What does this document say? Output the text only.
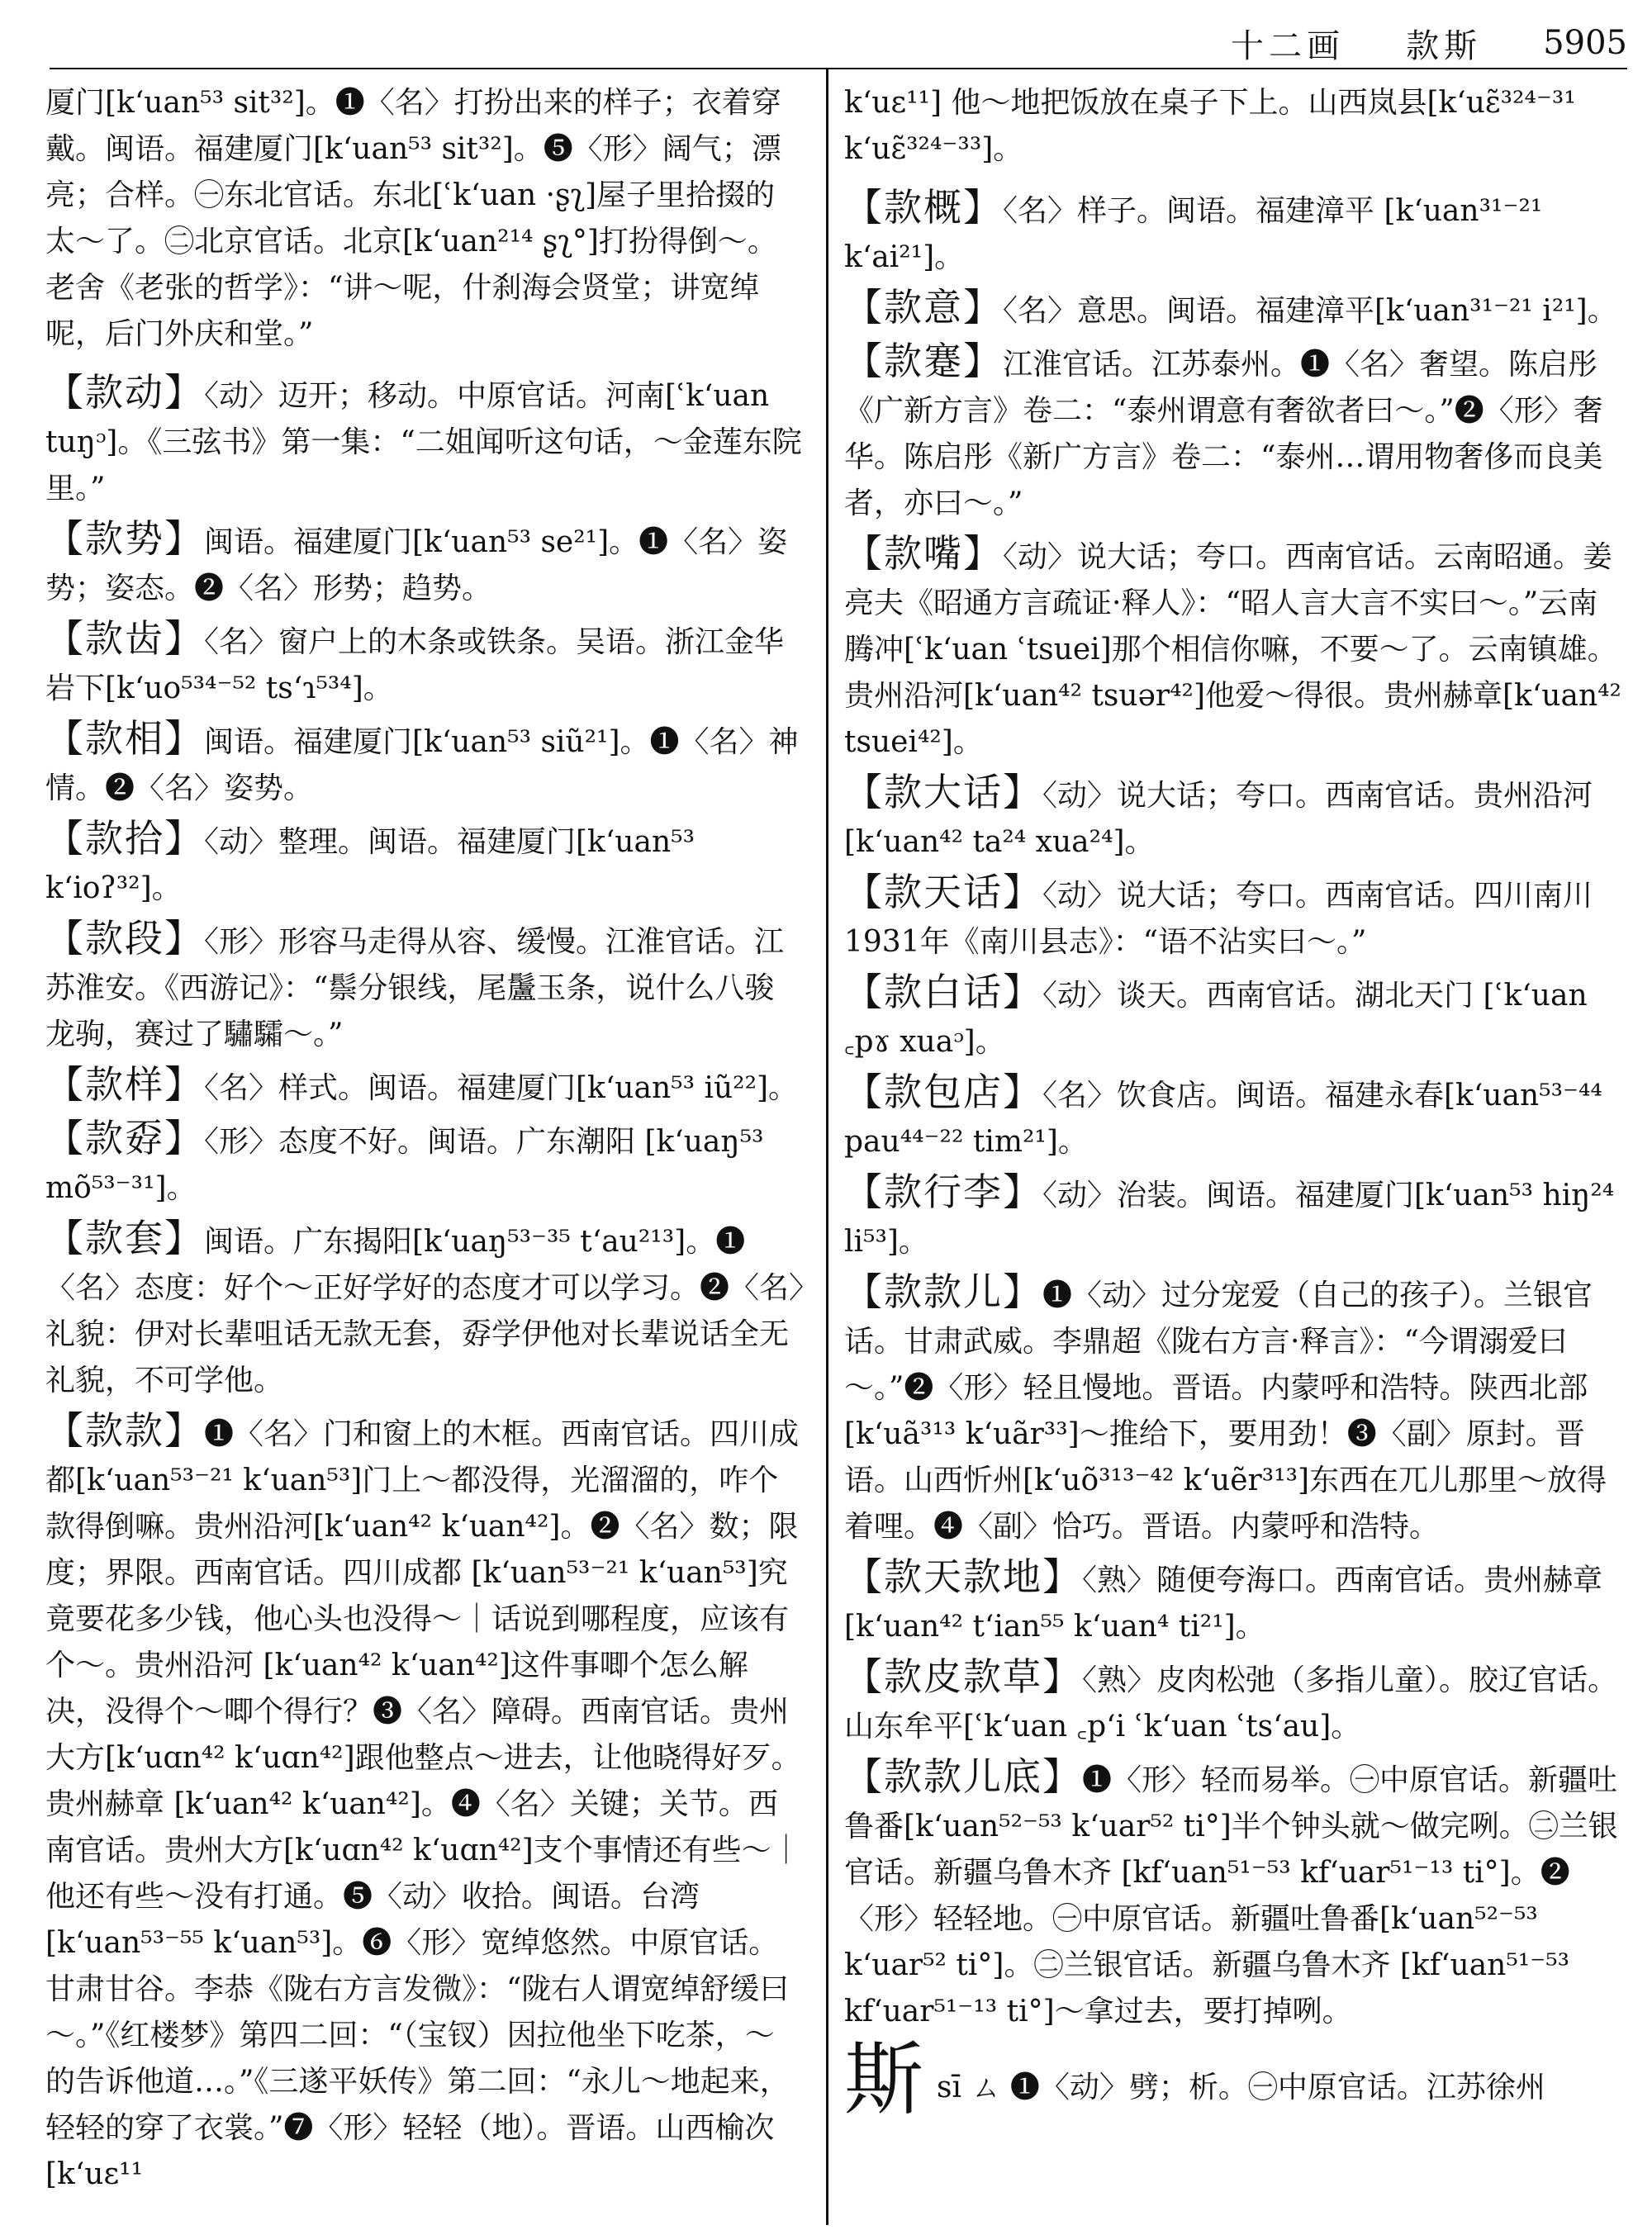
十二画 款斯 5905
厦门[k‘uan⁵³ sit³²]。❶〈名〉打扮出来的样子；衣着穿戴。闽语。福建厦门[k‘uan⁵³ sit³²]。❺〈形〉阔气；漂亮；合样。㊀东北官话。东北[ʿk‘uan ·ʂʅ]屋子里拾掇的太～了。㊁北京官话。北京[k‘uan²¹⁴ ʂʅ°]打扮得倒～。老舍《老张的哲学》：“讲～呢，什刹海会贤堂；讲宽绰呢，后门外庆和堂。”
【款动】〈动〉迈开；移动。中原官话。河南[ʿk‘uan tuŋᵓ]。《三弦书》第一集：“二姐闻听这句话，～金莲东院里。”
【款势】闽语。福建厦门[k‘uan⁵³ se²¹]。❶〈名〉姿势；姿态。❷〈名〉形势；趋势。
【款齿】〈名〉窗户上的木条或铁条。吴语。浙江金华岩下[k‘uo⁵³⁴⁻⁵² ts‘ɿ⁵³⁴]。
【款相】闽语。福建厦门[k‘uan⁵³ siũ²¹]。❶〈名〉神情。❷〈名〉姿势。
【款拾】〈动〉整理。闽语。福建厦门[k‘uan⁵³ k‘ioʔ³²]。
【款段】〈形〉形容马走得从容、缓慢。江淮官话。江苏淮安。《西游记》：“鬃分银线，尾䰕玉条，说什么八骏龙驹，赛过了驌驦～。”
【款样】〈名〉样式。闽语。福建厦门[k‘uan⁵³ iũ²²]。
【款孬】〈形〉态度不好。闽语。广东潮阳 [k‘uaŋ⁵³ mõ⁵³⁻³¹]。
【款套】闽语。广东揭阳[k‘uaŋ⁵³⁻³⁵ t‘au²¹³]。❶〈名〉态度：好个～正好学好的态度才可以学习。❷〈名〉礼貌：伊对长辈咀话无款无套，孬学伊他对长辈说话全无礼貌，不可学他。
【款款】❶〈名〉门和窗上的木框。西南官话。四川成都[k‘uan⁵³⁻²¹ k‘uan⁵³]门上～都没得，光溜溜的，咋个款得倒嘛。贵州沿河[k‘uan⁴² k‘uan⁴²]。❷〈名〉数；限度；界限。西南官话。四川成都 [k‘uan⁵³⁻²¹ k‘uan⁵³]究竟要花多少钱，他心头也没得～｜话说到哪程度，应该有个～。贵州沿河 [k‘uan⁴² k‘uan⁴²]这件事唧个怎么解决，没得个～唧个得行？❸〈名〉障碍。西南官话。贵州大方[k‘uɑn⁴² k‘uɑn⁴²]跟他整点～进去，让他晓得好歹。贵州赫章 [k‘uan⁴² k‘uan⁴²]。❹〈名〉关键；关节。西南官话。贵州大方[k‘uɑn⁴² k‘uɑn⁴²]支个事情还有些～｜他还有些～没有打通。❺〈动〉收拾。闽语。台湾 [k‘uan⁵³⁻⁵⁵ k‘uan⁵³]。❻〈形〉宽绰悠然。中原官话。甘肃甘谷。李恭《陇右方言发微》：“陇右人谓宽绰舒缓曰～。”《红楼梦》第四二回：“（宝钗）因拉他坐下吃茶，～的告诉他道…。”《三遂平妖传》第二回：“永儿～地起来，轻轻的穿了衣裳。”❼〈形〉轻轻（地）。晋语。山西榆次 [k‘uɛ¹¹
k‘uɛ¹¹] 他～地把饭放在桌子下上。山西岚县[k‘uɛ̃³²⁴⁻³¹ k‘uɛ̃³²⁴⁻³³]。
【款概】〈名〉样子。闽语。福建漳平 [k‘uan³¹⁻²¹ k‘ai²¹]。
【款意】〈名〉意思。闽语。福建漳平[k‘uan³¹⁻²¹ i²¹]。
【款蹇】江淮官话。江苏泰州。❶〈名〉奢望。陈启彤《广新方言》卷二：“泰州谓意有奢欲者曰～。”❷〈形〉奢华。陈启彤《新广方言》卷二：“泰州…谓用物奢侈而良美者，亦曰～。”
【款嘴】〈动〉说大话；夸口。西南官话。云南昭通。姜亮夫《昭通方言疏证·释人》：“昭人言大言不实曰～。”云南腾冲[ʿk‘uan ʿtsuei]那个相信你嘛，不要～了。云南镇雄。贵州沿河[k‘uan⁴² tsuər⁴²]他爱～得很。贵州赫章[k‘uan⁴² tsuei⁴²]。
【款大话】〈动〉说大话；夸口。西南官话。贵州沿河[k‘uan⁴² ta²⁴ xua²⁴]。
【款天话】〈动〉说大话；夸口。西南官话。四川南川1931年《南川县志》：“语不沾实曰～。”
【款白话】〈动〉谈天。西南官话。湖北天门 [ʿk‘uan ꜀pɤ xuaᵓ]。
【款包店】〈名〉饮食店。闽语。福建永春[k‘uan⁵³⁻⁴⁴ pau⁴⁴⁻²² tim²¹]。
【款行李】〈动〉治装。闽语。福建厦门[k‘uan⁵³ hiŋ²⁴ li⁵³]。
【款款儿】❶〈动〉过分宠爱（自己的孩子）。兰银官话。甘肃武威。李鼎超《陇右方言·释言》：“今谓溺爱曰～。”❷〈形〉轻且慢地。晋语。内蒙呼和浩特。陕西北部[k‘uã³¹³ k‘uãr³³]～推给下，要用劲！❸〈副〉原封。晋语。山西忻州[k‘uõ³¹³⁻⁴² k‘uẽr³¹³]东西在兀儿那里～放得着哩。❹〈副〉恰巧。晋语。内蒙呼和浩特。
【款天款地】〈熟〉随便夸海口。西南官话。贵州赫章[k‘uan⁴² t‘ian⁵⁵ k‘uan⁴ ti²¹]。
【款皮款草】〈熟〉皮肉松弛（多指儿童）。胶辽官话。山东牟平[ʿk‘uan ꜀p‘i ʿk‘uan ʿts‘au]。
【款款儿底】❶〈形〉轻而易举。㊀中原官话。新疆吐鲁番[k‘uan⁵²⁻⁵³ k‘uar⁵² ti°]半个钟头就～做完咧。㊁兰银官话。新疆乌鲁木齐 [kf‘uan⁵¹⁻⁵³ kf‘uar⁵¹⁻¹³ ti°]。❷〈形〉轻轻地。㊀中原官话。新疆吐鲁番[k‘uan⁵²⁻⁵³ k‘uar⁵² ti°]。㊁兰银官话。新疆乌鲁木齐 [kf‘uan⁵¹⁻⁵³ kf‘uar⁵¹⁻¹³ ti°]～拿过去，要打掉咧。
斯sī ㄙ ❶〈动〉劈；析。㊀中原官话。江苏徐州
